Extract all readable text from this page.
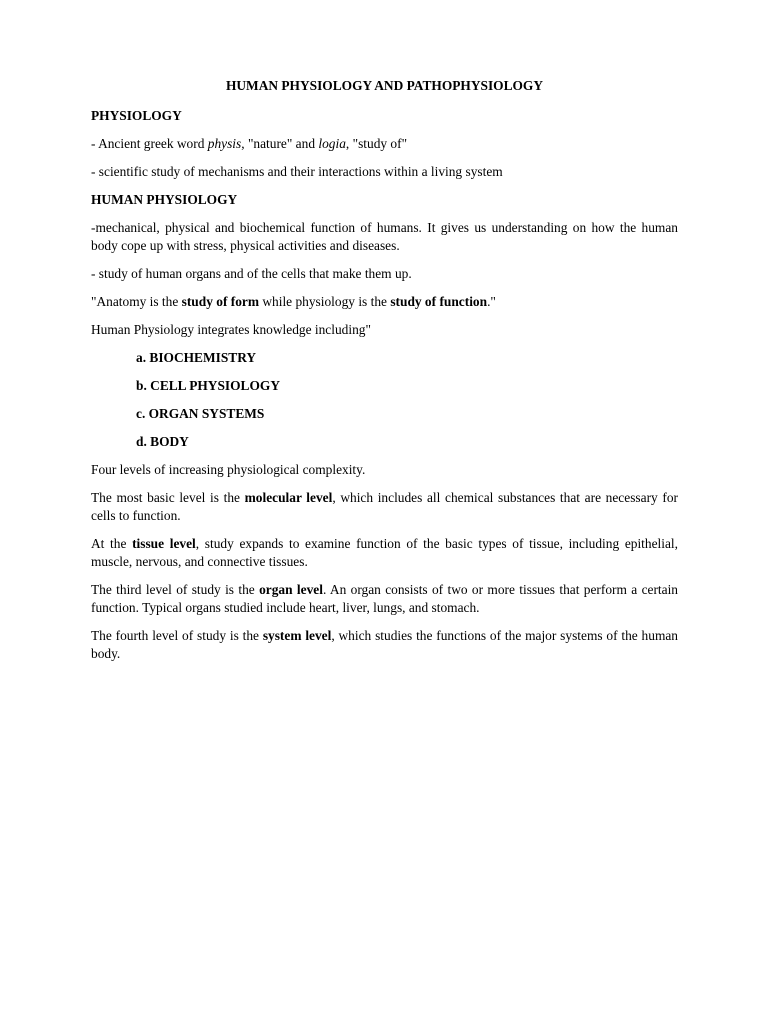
HUMAN PHYSIOLOGY AND PATHOPHYSIOLOGY
PHYSIOLOGY

- Ancient greek word physis, "nature" and logia, "study of"

- scientific study of mechanisms and their interactions within a living system

HUMAN PHYSIOLOGY

-mechanical, physical and biochemical function of humans. It gives us understanding on how the human body cope up with stress, physical activities and diseases.

- study of human organs and of the cells that make them up.

"Anatomy is the study of form while physiology is the study of function."

Human Physiology integrates knowledge including"

a. BIOCHEMISTRY
b. CELL PHYSIOLOGY
c. ORGAN SYSTEMS
d. BODY

Four levels of increasing physiological complexity.

The most basic level is the molecular level, which includes all chemical substances that are necessary for cells to function.

At the tissue level, study expands to examine function of the basic types of tissue, including epithelial, muscle, nervous, and connective tissues.

The third level of study is the organ level. An organ consists of two or more tissues that perform a certain function. Typical organs studied include heart, liver, lungs, and stomach.

The fourth level of study is the system level, which studies the functions of the major systems of the human body.
